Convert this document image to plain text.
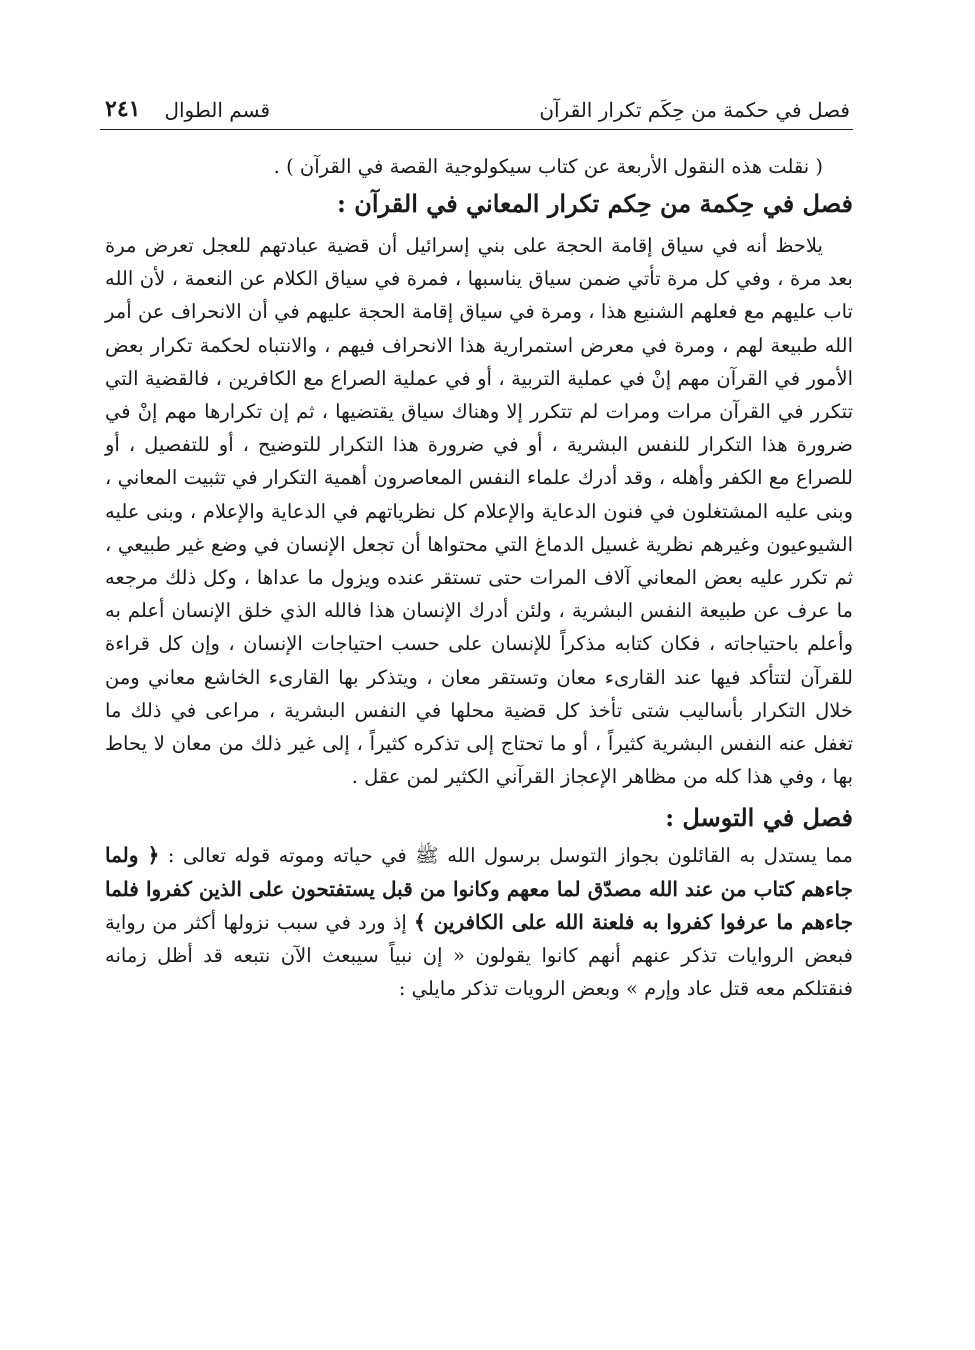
فصل في حكمة من حِكَم تكرار القرآن
قسم الطوال
٢٤١
( نقلت هذه النقول الأربعة عن كتاب سيكولوجية القصة في القرآن ) .
فصل في حِكمة من حِكم تكرار المعاني في القرآن :

يلاحظ أنه في سياق إقامة الحجة على بني إسرائيل أن قضية عبادتهم للعجل تعرض مرة بعد مرة ، وفي كل مرة تأتي ضمن سياق يناسبها ، فمرة في سياق الكلام عن النعمة ، لأن الله تاب عليهم مع فعلهم الشنيع هذا ، ومرة في سياق إقامة الحجة عليهم في أن الانحراف عن أمر الله طبيعة لهم ، ومرة في معرض استمرارية هذا الانحراف فيهم ، والانتباه لحكمة تكرار بعض الأمور في القرآن مهم إنْ في عملية التربية ، أو في عملية الصراع مع الكافرين ، فالقضية التي تتكرر في القرآن مرات ومرات لم تتكرر إلا وهناك سياق يقتضيها ، ثم إن تكرارها مهم إنْ في ضرورة هذا التكرار للنفس البشرية ، أو في ضرورة هذا التكرار للتوضيح ، أو للتفصيل ، أو للصراع مع الكفر وأهله ، وقد أدرك علماء النفس المعاصرون أهمية التكرار في تثبيت المعاني ، وبنى عليه المشتغلون في فنون الدعاية والإعلام كل نظرياتهم في الدعاية والإعلام ، وبنى عليه الشيوعيون وغيرهم نظرية غسيل الدماغ التي محتواها أن تجعل الإنسان في وضع غير طبيعي ، ثم تكرر عليه بعض المعاني آلاف المرات حتى تستقر عنده ويزول ما عداها ، وكل ذلك مرجعه ما عرف عن طبيعة النفس البشرية ، ولئن أدرك الإنسان هذا فالله الذي خلق الإنسان أعلم به وأعلم باحتياجاته ، فكان كتابه مذكراً للإنسان على حسب احتياجات الإنسان ، وإن كل قراءة للقرآن لتتأكد فيها عند القارىء معان وتستقر معان ، ويتذكر بها القارىء الخاشع معاني ومن خلال التكرار بأساليب شتى تأخذ كل قضية محلها في النفس البشرية ، مراعى في ذلك ما تغفل عنه النفس البشرية كثيراً ، أو ما تحتاج إلى تذكره كثيراً ، إلى غير ذلك من معان لا يحاط بها ، وفي هذا كله من مظاهر الإعجاز القرآني الكثير لمن عقل .

فصل في التوسل :

مما يستدل به القائلون بجواز التوسل برسول الله ﷺ في حياته وموته قوله تعالى : ﴿ ولما جاءهم كتاب من عند الله مصدّق لما معهم وكانوا من قبل يستفتحون على الذين كفروا فلما جاءهم ما عرفوا كفروا به فلعنة الله على الكافرين ﴾ إذ ورد في سبب نزولها أكثر من رواية فبعض الروايات تذكر عنهم أنهم كانوا يقولون « إن نبياً سيبعث الآن نتبعه قد أظل زمانه فنقتلكم معه قتل عاد وإرم » وبعض الرويات تذكر مايلي :
